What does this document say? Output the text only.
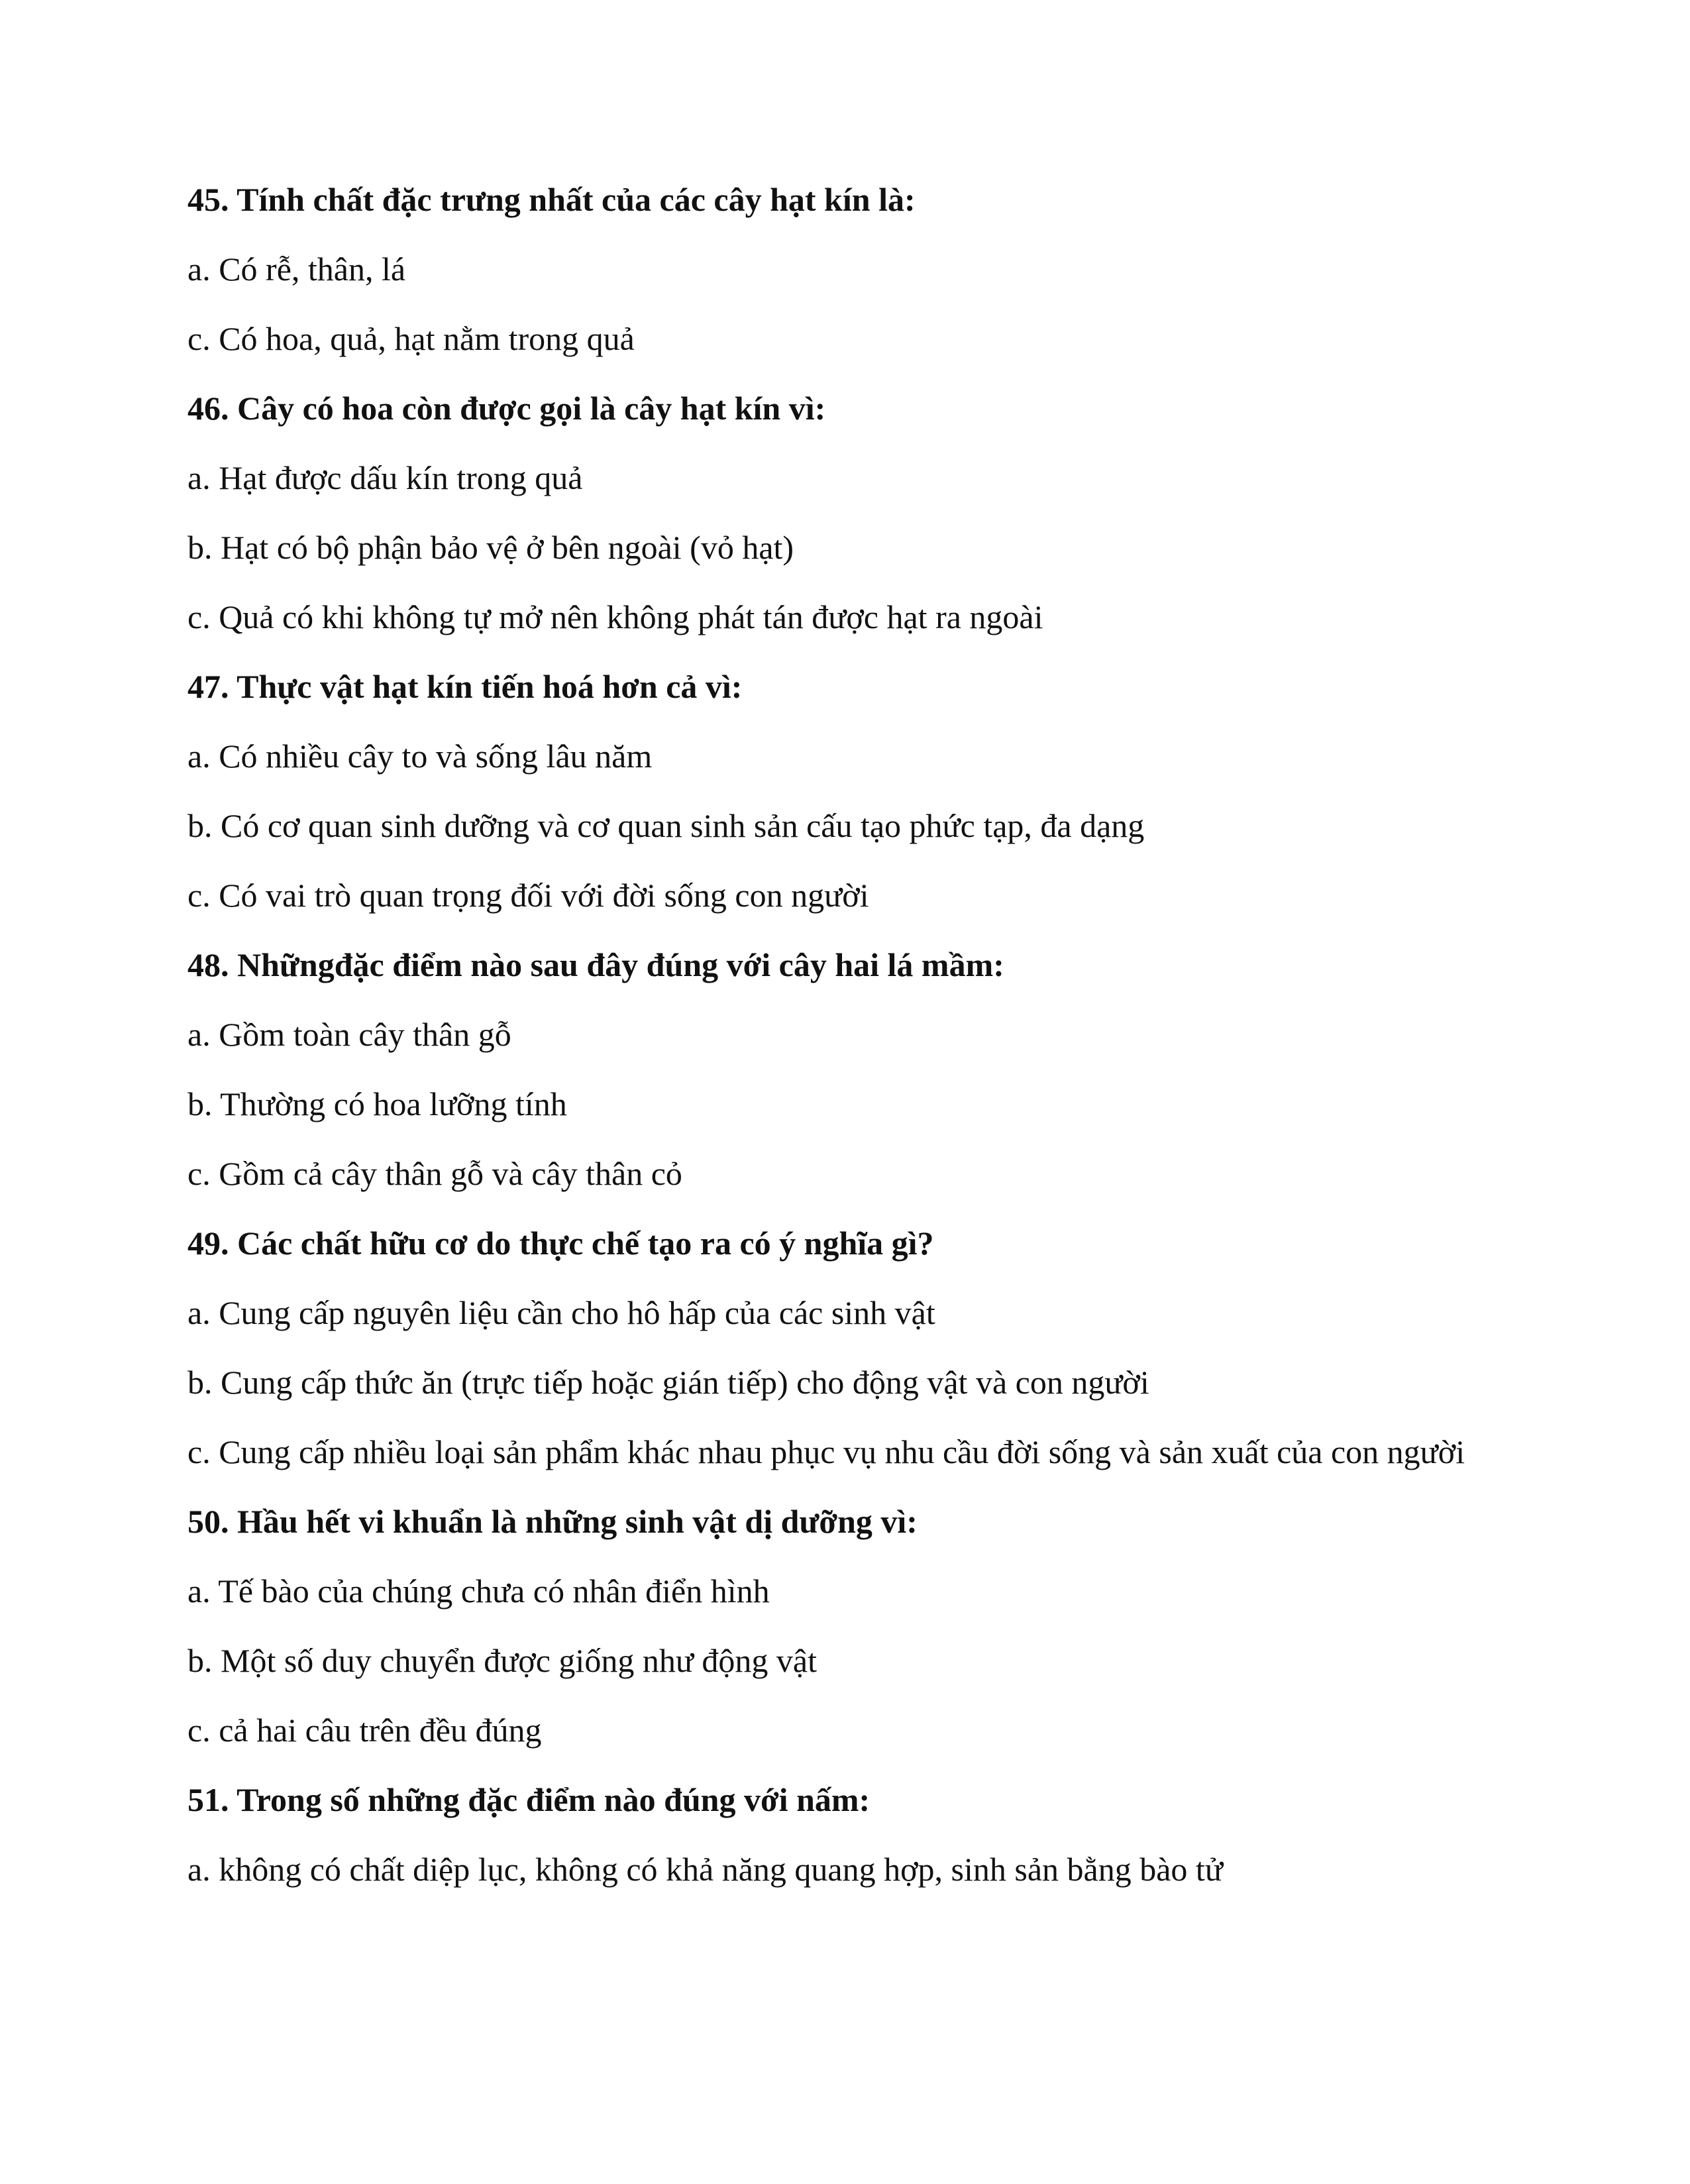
45. Tính chất đặc trưng nhất của các cây hạt kín là:

a. Có rễ, thân, lá

c. Có hoa, quả, hạt nằm trong quả

46. Cây có hoa còn được gọi là cây hạt kín vì:

a. Hạt được dấu kín trong quả

b. Hạt có bộ phận bảo vệ ở bên ngoài (vỏ hạt)

c. Quả có khi không tự mở nên không phát tán được hạt ra ngoài

47. Thực vật hạt kín tiến hoá hơn cả vì:

a. Có nhiều cây to và sống lâu năm

b. Có cơ quan sinh dưỡng và cơ quan sinh sản cấu tạo phức tạp, đa dạng

c. Có vai trò quan trọng đối với đời sống con người

48. Nhữngđặc điểm nào sau đây đúng với cây hai lá mầm:

a. Gồm toàn cây thân gỗ

b. Thường có hoa lưỡng tính

c. Gồm cả cây thân gỗ và cây thân cỏ

49. Các chất hữu cơ do thực chế tạo ra có ý nghĩa gì?

a. Cung cấp nguyên liệu cần cho hô hấp của các sinh vật

b. Cung cấp thức ăn (trực tiếp hoặc gián tiếp) cho động vật và con người

c. Cung cấp nhiều loại sản phẩm khác nhau phục vụ nhu cầu đời sống và sản xuất của con người

50. Hầu hết vi khuẩn là những sinh vật dị dưỡng vì:

a. Tế bào của chúng chưa có nhân điển hình

b. Một số duy chuyển được giống như động vật

c. cả hai câu trên đều đúng

51. Trong số những đặc điểm nào đúng với nấm:

a. không có chất diệp lục, không có khả năng quang hợp, sinh sản bằng bào tử
